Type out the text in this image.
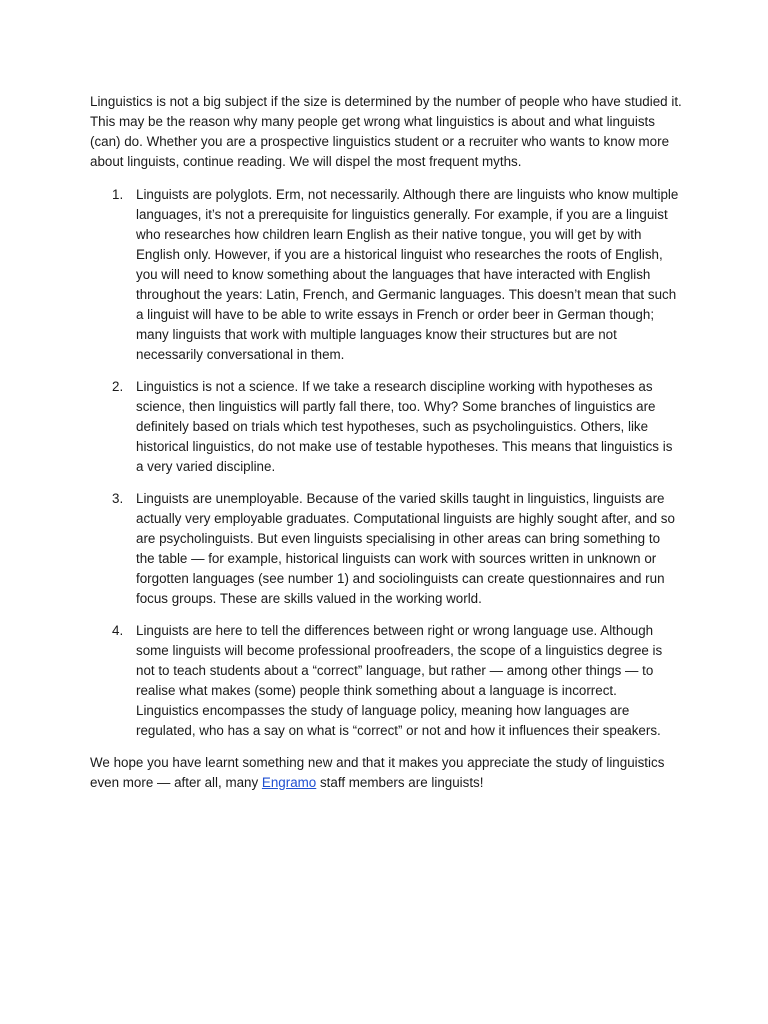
Linguistics is not a big subject if the size is determined by the number of people who have studied it. This may be the reason why many people get wrong what linguistics is about and what linguists (can) do. Whether you are a prospective linguistics student or a recruiter who wants to know more about linguists, continue reading. We will dispel the most frequent myths.

1. Linguists are polyglots. Erm, not necessarily. Although there are linguists who know multiple languages, it’s not a prerequisite for linguistics generally. For example, if you are a linguist who researches how children learn English as their native tongue, you will get by with English only. However, if you are a historical linguist who researches the roots of English, you will need to know something about the languages that have interacted with English throughout the years: Latin, French, and Germanic languages. This doesn’t mean that such a linguist will have to be able to write essays in French or order beer in German though; many linguists that work with multiple languages know their structures but are not necessarily conversational in them.
2. Linguistics is not a science. If we take a research discipline working with hypotheses as science, then linguistics will partly fall there, too. Why? Some branches of linguistics are definitely based on trials which test hypotheses, such as psycholinguistics. Others, like historical linguistics, do not make use of testable hypotheses. This means that linguistics is a very varied discipline.
3. Linguists are unemployable. Because of the varied skills taught in linguistics, linguists are actually very employable graduates. Computational linguists are highly sought after, and so are psycholinguists. But even linguists specialising in other areas can bring something to the table — for example, historical linguists can work with sources written in unknown or forgotten languages (see number 1) and sociolinguists can create questionnaires and run focus groups. These are skills valued in the working world.
4. Linguists are here to tell the differences between right or wrong language use. Although some linguists will become professional proofreaders, the scope of a linguistics degree is not to teach students about a “correct” language, but rather — among other things — to realise what makes (some) people think something about a language is incorrect. Linguistics encompasses the study of language policy, meaning how languages are regulated, who has a say on what is “correct” or not and how it influences their speakers.

We hope you have learnt something new and that it makes you appreciate the study of linguistics even more — after all, many Engramo staff members are linguists!
